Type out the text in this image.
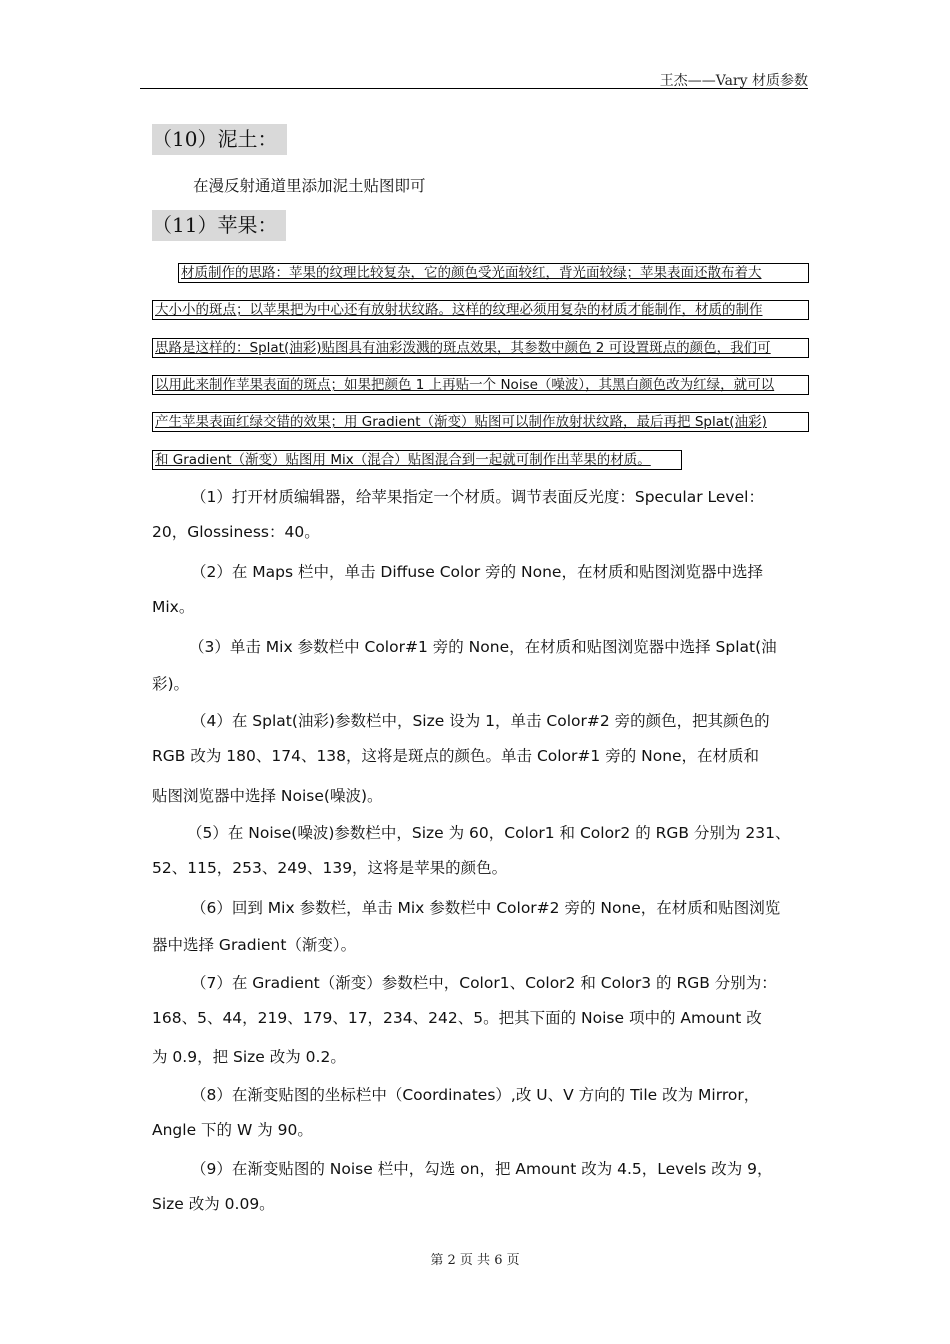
王杰——Vary 材质参数
（10）泥土：
在漫反射通道里添加泥土贴图即可
（11）苹果：
材质制作的思路：苹果的纹理比较复杂，它的颜色受光面较红，背光面较绿；苹果表面还散布着大
大小小的斑点；以苹果把为中心还有放射状纹路。这样的纹理必须用复杂的材质才能制作，材质的制作
思路是这样的：Splat(油彩)贴图具有油彩泼溅的斑点效果，其参数中颜色 2 可设置斑点的颜色，我们可
以用此来制作苹果表面的斑点；如果把颜色 1 上再贴一个 Noise（噪波），其黑白颜色改为红绿，就可以
产生苹果表面红绿交错的效果；用 Gradient（渐变）贴图可以制作放射状纹路，最后再把 Splat(油彩)
和 Gradient（渐变）贴图用 Mix（混合）贴图混合到一起就可制作出苹果的材质。
（1）打开材质编辑器，给苹果指定一个材质。调节表面反光度：Specular Level：
20，Glossiness：40。
（2）在 Maps 栏中，单击 Diffuse Color 旁的 None，在材质和贴图浏览器中选择
Mix。
（3）单击 Mix 参数栏中 Color#1 旁的 None，在材质和贴图浏览器中选择 Splat(油
彩)。
（4）在 Splat(油彩)参数栏中，Size 设为 1，单击 Color#2 旁的颜色，把其颜色的
RGB 改为 180、174、138，这将是斑点的颜色。单击 Color#1 旁的 None，在材质和
贴图浏览器中选择 Noise(噪波)。
（5）在 Noise(噪波)参数栏中，Size 为 60，Color1 和 Color2 的 RGB 分别为 231、
52、115，253、249、139，这将是苹果的颜色。
（6）回到 Mix 参数栏，单击 Mix 参数栏中 Color#2 旁的 None，在材质和贴图浏览
器中选择 Gradient（渐变）。
（7）在 Gradient（渐变）参数栏中，Color1、Color2 和 Color3 的 RGB 分别为：
168、5、44，219、179、17，234、242、5。把其下面的 Noise 项中的 Amount 改
为 0.9，把 Size 改为 0.2。
（8）在渐变贴图的坐标栏中（Coordinates）,改 U、V 方向的 Tile 改为 Mirror，
Angle 下的 W 为 90。
（9）在渐变贴图的 Noise 栏中，勾选 on，把 Amount 改为 4.5，Levels 改为 9，
Size 改为 0.09。
第 2 页 共 6 页
